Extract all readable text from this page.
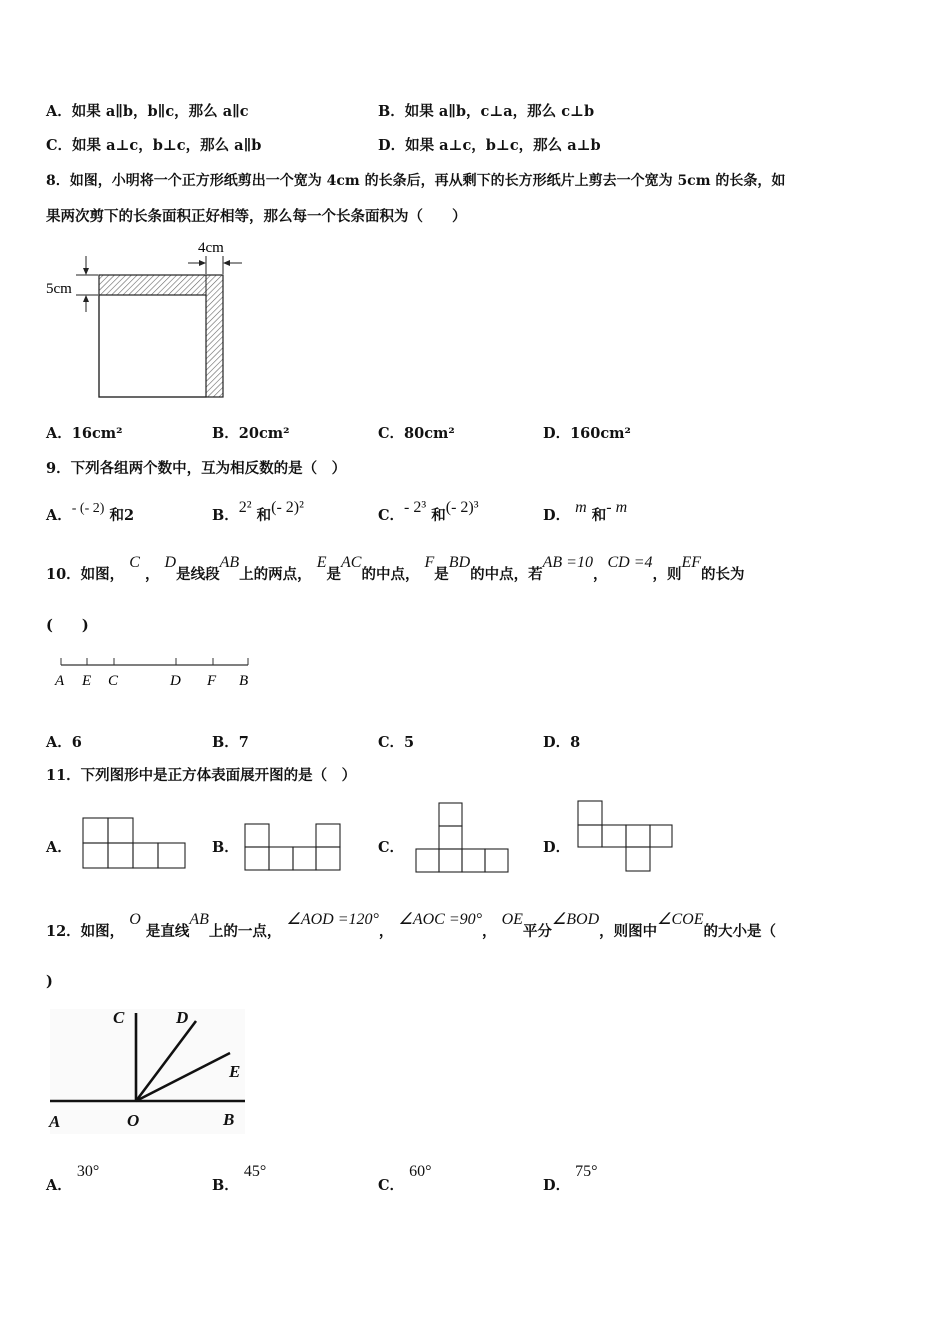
A．如果 a∥b，b∥c，那么 a∥c	B．如果 a∥b，c⊥a，那么 c⊥b
C．如果 a⊥c，b⊥c，那么 a∥b	D．如果 a⊥c，b⊥c，那么 a⊥b
8．如图，小明将一个正方形纸剪出一个宽为 4cm 的长条后，再从剩下的长方形纸片上剪去一个宽为 5cm 的长条，如
果两次剪下的长条面积正好相等，那么每一个长条面积为（　　）
4cm
5cm
A．16cm²	B．20cm²	C．80cm²	D．160cm²
9．下列各组两个数中，互为相反数的是（　）
A．- (- 2) 和2	B．2² 和(- 2)²	C．- 2³ 和(- 2)³	D． m 和- m
10．如图， C ， D是线段AB上的两点， E是AC的中点， F是BD的中点，若AB =10，CD =4，则EF的长为
(　　)
A E C	D F B
A．6	B．7	C．5	D．8
11．下列图形中是正方体表面展开图的是（　）
A．	B．	C．	D．
12．如图， O 是直线AB上的一点， ∠AOD =120°， ∠AOC =90°， OE平分∠BOD，则图中∠COE的大小是（
)
C	D
E
A	O	B
A． 30°
B． 45°
C． 60°
D． 75°
